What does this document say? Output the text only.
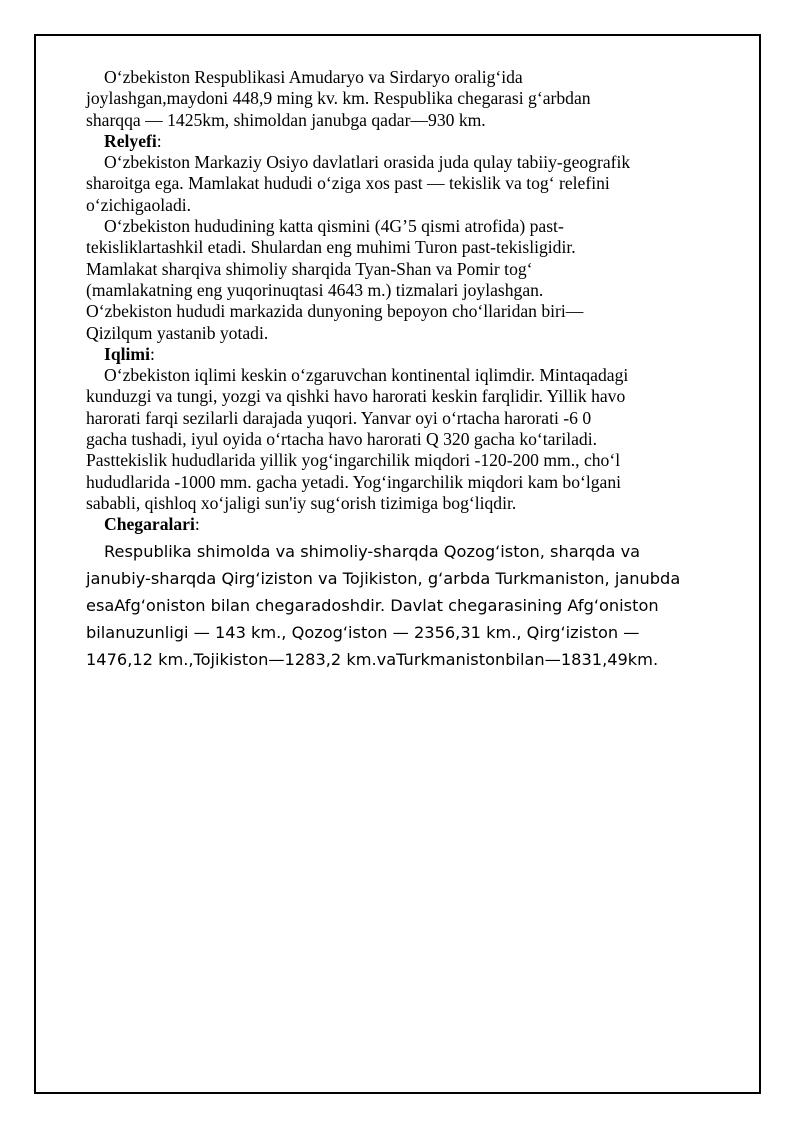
O‘zbekiston Respublikasi Amudaryo va Sirdaryo oralig‘ida
joylashgan,maydoni 448,9 ming kv. km. Respublika chegarasi g‘arbdan
sharqqa — 1425km, shimoldan janubga qadar—930 km.

Relyefi:

O‘zbekiston Markaziy Osiyo davlatlari orasida juda qulay tabiiy-geografik
sharoitga ega. Mamlakat hududi o‘ziga xos past — tekislik va tog‘ relefini
o‘zichigaoladi.

O‘zbekiston hududining katta qismini (4G’5 qismi atrofida) past-
tekisliklartashkil etadi. Shulardan eng muhimi Turon past-tekisligidir.
Mamlakat sharqiva shimoliy sharqida Tyan-Shan va Pomir tog‘
(mamlakatning eng yuqorinuqtasi 4643 m.) tizmalari joylashgan.
O‘zbekiston hududi markazida dunyoning bepoyon cho‘llaridan biri—
Qizilqum yastanib yotadi.

Iqlimi:

O‘zbekiston iqlimi keskin o‘zgaruvchan kontinental iqlimdir. Mintaqadagi
kunduzgi va tungi, yozgi va qishki havo harorati keskin farqlidir. Yillik havo
harorati farqi sezilarli darajada yuqori. Yanvar oyi o‘rtacha harorati -6 0
gacha tushadi, iyul oyida o‘rtacha havo harorati Q 320 gacha ko‘tariladi.
Pasttekislik hududlarida yillik yog‘ingarchilik miqdori -120-200 mm., cho‘l
hududlarida -1000 mm. gacha yetadi. Yog‘ingarchilik miqdori kam bo‘lgani
sababli, qishloq xo‘jaligi sun'iy sug‘orish tizimiga bog‘liqdir.

Chegaralari:

Respublika shimolda va shimoliy-sharqda Qozog‘iston, sharqda va
janubiy-sharqda Qirg‘iziston va Tojikiston, g‘arbda Turkmaniston, janubda
esaAfg‘oniston bilan chegaradoshdir. Davlat chegarasining Afg‘oniston
bilanuzunligi — 143 km., Qozog‘iston — 2356,31 km., Qirg‘iziston —
1476,12 km.,Tojikiston—1283,2 km.vaTurkmanistonbilan—1831,49km.
